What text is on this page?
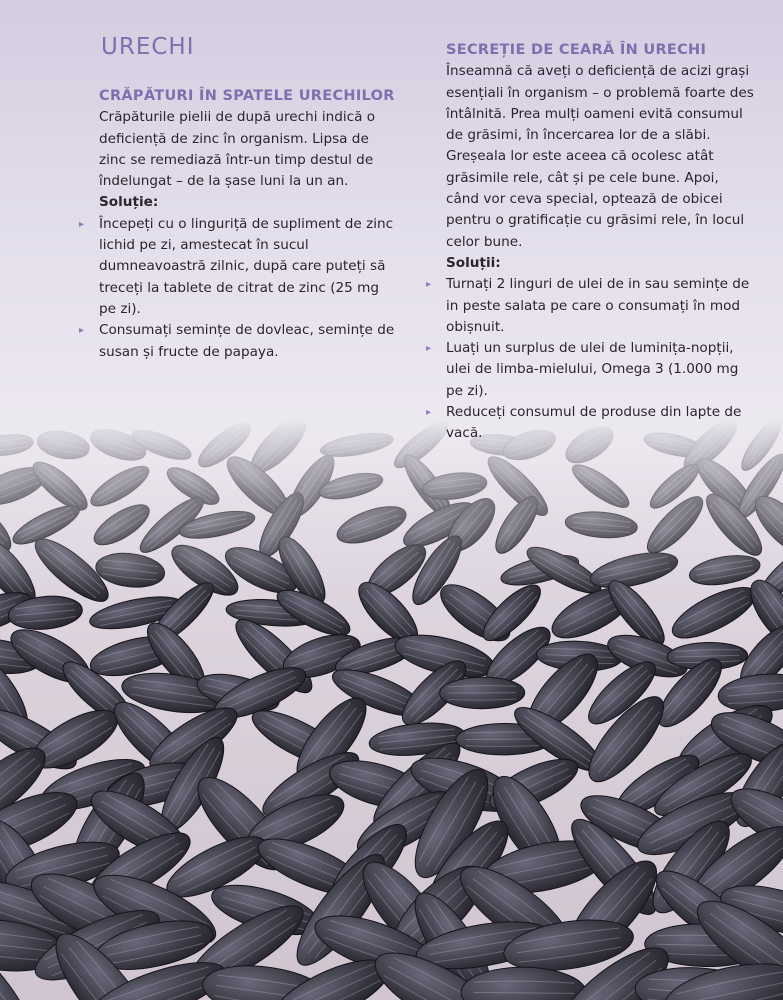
URECHI
CRĂPĂTURI ÎN SPATELE URECHILOR

Crăpăturile pielii de după urechi indică o deficiență de zinc în organism. Lipsa de zinc se remediază într-un timp destul de îndelungat – de la șase luni la un an.

Soluție:
▸ Începeți cu o linguriță de supliment de zinc lichid pe zi, amestecat în sucul dumneavoastră zilnic, după care puteți să treceți la tablete de citrat de zinc (25 mg pe zi).
▸ Consumați semințe de dovleac, semințe de susan și fructe de papaya.
SECREȚIE DE CEARĂ ÎN URECHI

Înseamnă că aveți o deficiență de acizi grași esențiali în organism – o problemă foarte des întâlnită. Prea mulți oameni evită consumul de grăsimi, în încercarea lor de a slăbi. Greșeala lor este aceea că ocolesc atât grăsimile rele, cât și pe cele bune. Apoi, când vor ceva special, optează de obicei pentru o gratificație cu grăsimi rele, în locul celor bune.

Soluții:
▸ Turnați 2 linguri de ulei de in sau semințe de in peste salata pe care o consumați în mod obișnuit.
▸ Luați un surplus de ulei de luminița-nopții, ulei de limba-mielului, Omega 3 (1.000 mg pe zi).
▸ Reduceți consumul de produse din lapte de vacă.
